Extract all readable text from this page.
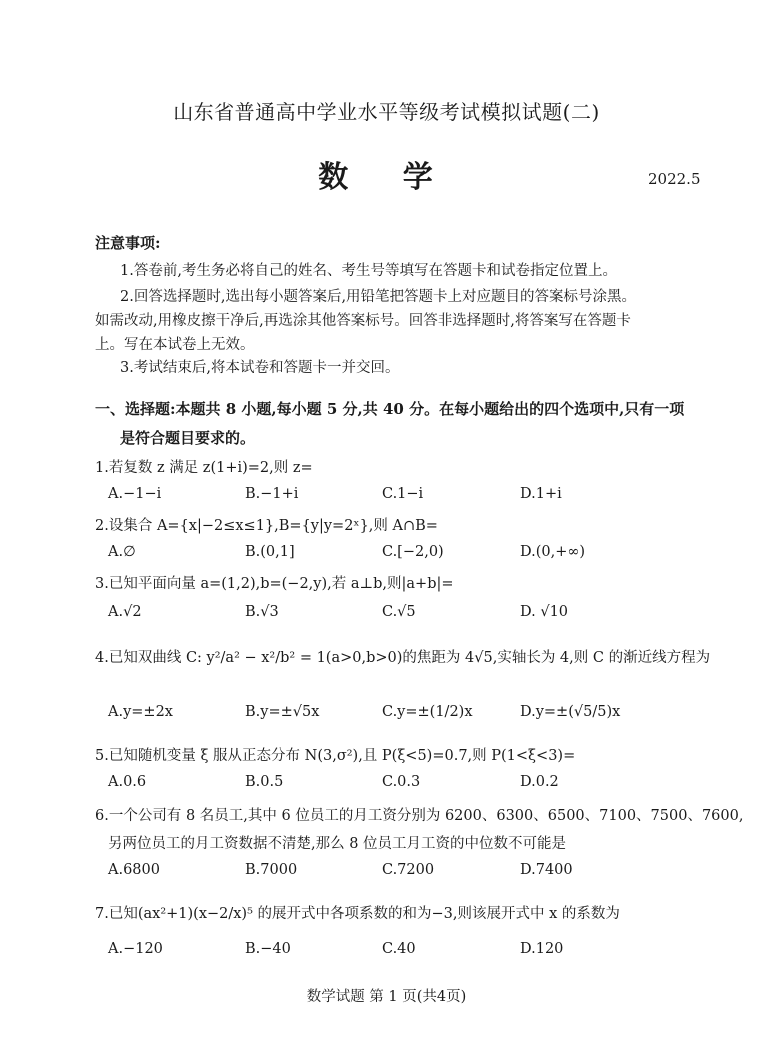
山东省普通高中学业水平等级考试模拟试题(二)
数 学	2022.5
注意事项:
1.答卷前,考生务必将自己的姓名、考生号等填写在答题卡和试卷指定位置上。
2.回答选择题时,选出每小题答案后,用铅笔把答题卡上对应题目的答案标号涂黑。
如需改动,用橡皮擦干净后,再选涂其他答案标号。回答非选择题时,将答案写在答题卡
上。写在本试卷上无效。
3.考试结束后,将本试卷和答题卡一并交回。
一、选择题:本题共 8 小题,每小题 5 分,共 40 分。在每小题给出的四个选项中,只有一项
是符合题目要求的。
1.若复数 z 满足 z(1+i)=2,则 z=
A.−1−i	B.−1+i	C.1−i	D.1+i
2.设集合 A={x|−2≤x≤1},B={y|y=2ˣ},则 A∩B=
A.∅	B.(0,1]	C.[−2,0)	D.(0,+∞)
3.已知平面向量 a=(1,2),b=(−2,y),若 a⊥b,则|a+b|=
A.√2	B.√3	C.√5	D. √10
4.已知双曲线 C: y²/a² − x²/b² = 1(a>0,b>0)的焦距为 4√5,实轴长为 4,则 C 的渐近线方程为
A.y=±2x	B.y=±√5x	C.y=±(1/2)x	D.y=±(√5/5)x
5.已知随机变量 ξ 服从正态分布 N(3,σ²),且 P(ξ<5)=0.7,则 P(1<ξ<3)=
A.0.6	B.0.5	C.0.3	D.0.2
6.一个公司有 8 名员工,其中 6 位员工的月工资分别为 6200、6300、6500、7100、7500、7600,
另两位员工的月工资数据不清楚,那么 8 位员工月工资的中位数不可能是
A.6800	B.7000	C.7200	D.7400
7.已知(ax²+1)(x−2/x)⁵ 的展开式中各项系数的和为−3,则该展开式中 x 的系数为
A.−120	B.−40	C.40	D.120
数学试题 第 1 页(共4页)
